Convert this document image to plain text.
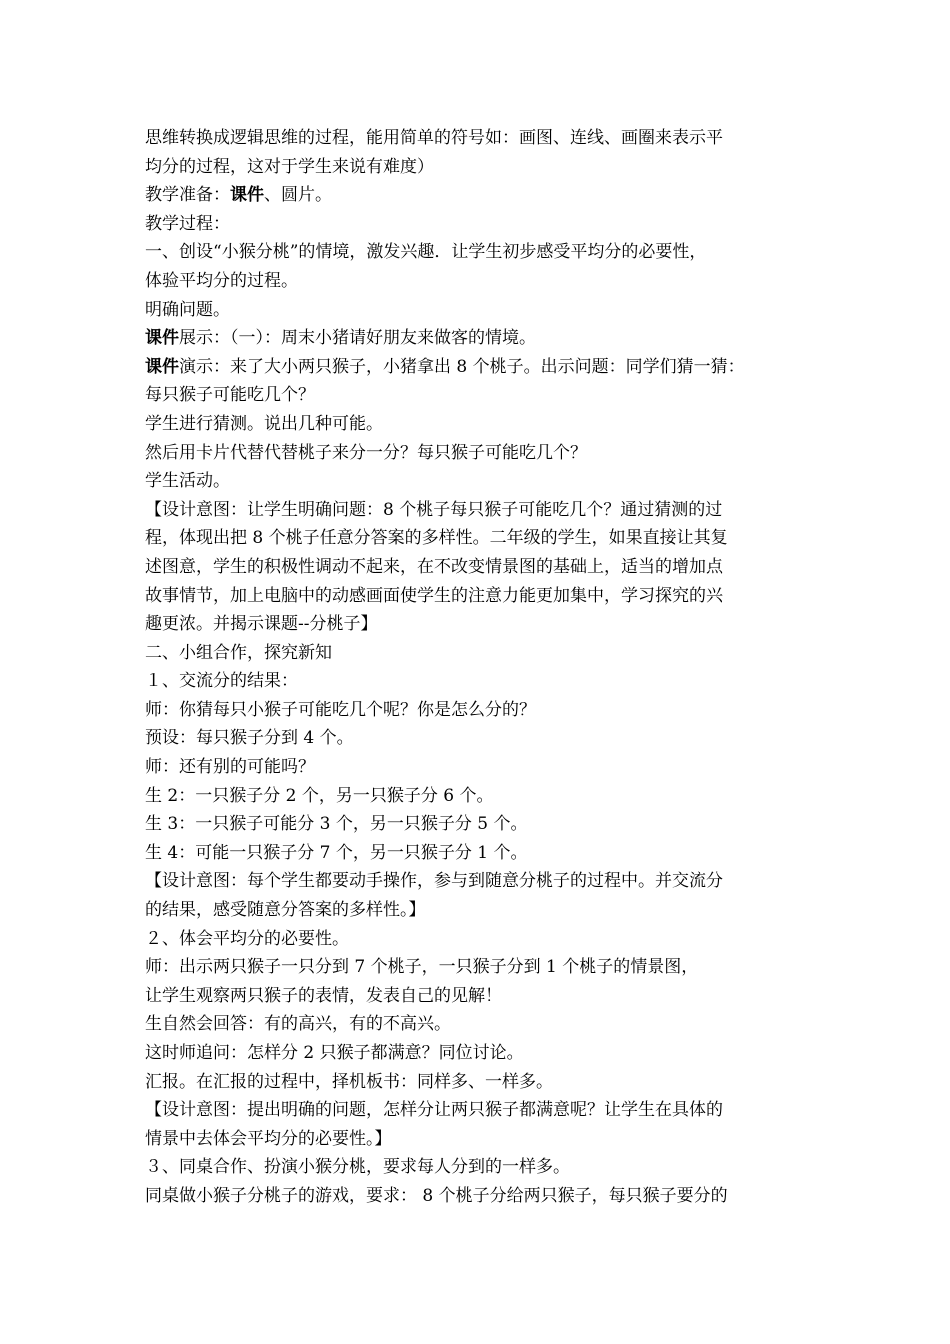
思维转换成逻辑思维的过程，能用简单的符号如：画图、连线、画圈来表示平
均分的过程，这对于学生来说有难度）
教学准备：课件、圆片。
教学过程：
一、创设“小猴分桃”的情境，激发兴趣．让学生初步感受平均分的必要性，
体验平均分的过程。
明确问题。
课件展示：（一）：周末小猪请好朋友来做客的情境。
课件演示：来了大小两只猴子，小猪拿出 8 个桃子。出示问题：同学们猜一猜：
每只猴子可能吃几个？
学生进行猜测。说出几种可能。
然后用卡片代替代替桃子来分一分？每只猴子可能吃几个？
学生活动。
【设计意图：让学生明确问题：8 个桃子每只猴子可能吃几个？通过猜测的过
程，体现出把 8 个桃子任意分答案的多样性。二年级的学生，如果直接让其复
述图意，学生的积极性调动不起来，在不改变情景图的基础上，适当的增加点
故事情节，加上电脑中的动感画面使学生的注意力能更加集中，学习探究的兴
趣更浓。并揭示课题--分桃子】
二、小组合作，探究新知
１、交流分的结果：
师：你猜每只小猴子可能吃几个呢？你是怎么分的？
预设：每只猴子分到 4 个。
师：还有别的可能吗？
生 2：一只猴子分 2 个，另一只猴子分 6 个。
生 3：一只猴子可能分 3 个，另一只猴子分 5 个。
生 4：可能一只猴子分 7 个，另一只猴子分 1 个。
【设计意图：每个学生都要动手操作，参与到随意分桃子的过程中。并交流分
的结果，感受随意分答案的多样性。】
２、体会平均分的必要性。
师：出示两只猴子一只分到 7 个桃子，一只猴子分到 1 个桃子的情景图，
让学生观察两只猴子的表情，发表自己的见解！
生自然会回答：有的高兴，有的不高兴。
这时师追问：怎样分 2 只猴子都满意？同位讨论。
汇报。在汇报的过程中，择机板书：同样多、一样多。
【设计意图：提出明确的问题，怎样分让两只猴子都满意呢？让学生在具体的
情景中去体会平均分的必要性。】
３、同桌合作、扮演小猴分桃，要求每人分到的一样多。
同桌做小猴子分桃子的游戏，要求： 8 个桃子分给两只猴子，每只猴子要分的
